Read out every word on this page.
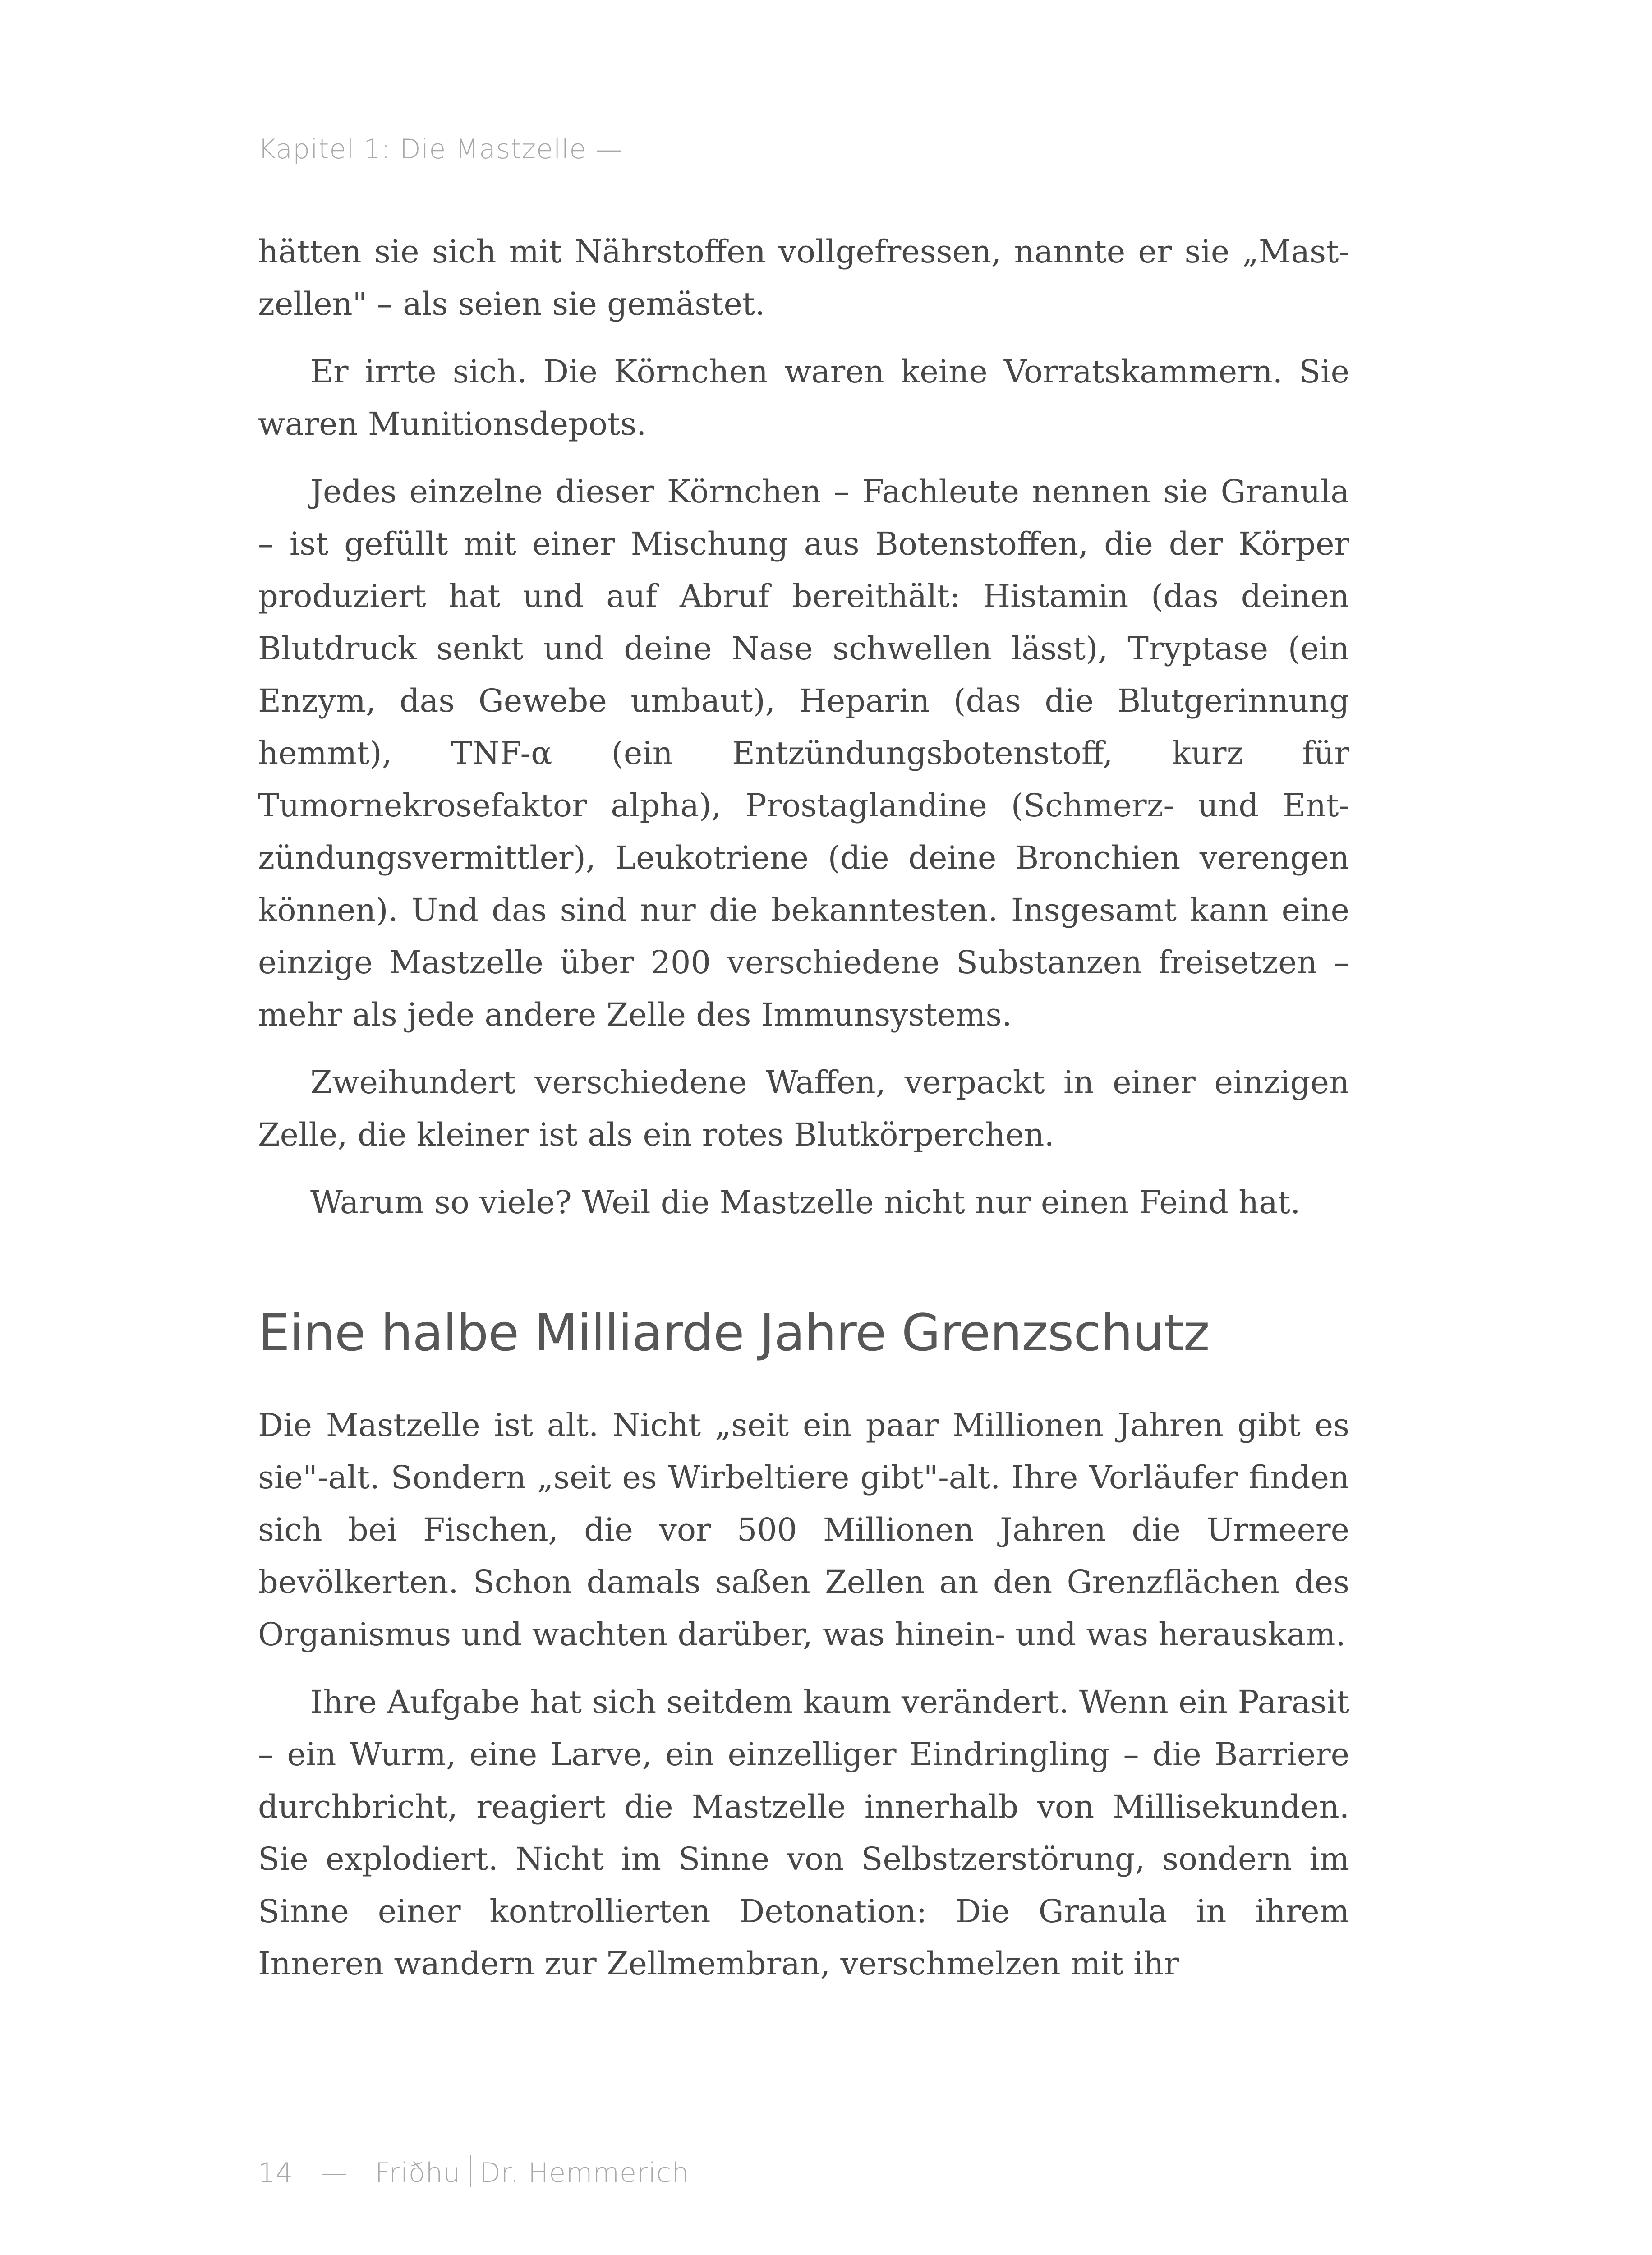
Kapitel 1: Die Mastzelle —

hätten sie sich mit Nährstoffen vollgefressen, nannte er sie „Mastzellen" – als seien sie gemästet.

Er irrte sich. Die Körnchen waren keine Vorratskammern. Sie waren Munitionsdepots.

Jedes einzelne dieser Körnchen – Fachleute nennen sie Granula – ist gefüllt mit einer Mischung aus Botenstoffen, die der Körper produziert hat und auf Abruf bereithält: Histamin (das deinen Blutdruck senkt und deine Nase schwellen lässt), Tryptase (ein Enzym, das Gewebe umbaut), Heparin (das die Blutgerinnung hemmt), TNF-α (ein Entzündungsbotenstoff, kurz für Tumornekrosefaktor alpha), Prostaglandine (Schmerz- und Entzündungsvermittler), Leukotriene (die deine Bronchien verengen können). Und das sind nur die bekanntesten. Insgesamt kann eine einzige Mastzelle über 200 verschiedene Substanzen freisetzen – mehr als jede andere Zelle des Immunsystems.

Zweihundert verschiedene Waffen, verpackt in einer einzigen Zelle, die kleiner ist als ein rotes Blutkörperchen.

Warum so viele? Weil die Mastzelle nicht nur einen Feind hat.

Eine halbe Milliarde Jahre Grenzschutz

Die Mastzelle ist alt. Nicht „seit ein paar Millionen Jahren gibt es sie"-alt. Sondern „seit es Wirbeltiere gibt"-alt. Ihre Vorläufer finden sich bei Fischen, die vor 500 Millionen Jahren die Urmeere bevölkerten. Schon damals saßen Zellen an den Grenzflächen des Organismus und wachten darüber, was hinein- und was herauskam.

Ihre Aufgabe hat sich seitdem kaum verändert. Wenn ein Parasit – ein Wurm, eine Larve, ein einzelliger Eindringling – die Barriere durchbricht, reagiert die Mastzelle innerhalb von Millisekunden. Sie explodiert. Nicht im Sinne von Selbstzerstörung, sondern im Sinne einer kontrollierten Detonation: Die Granula in ihrem Inneren wandern zur Zellmembran, verschmelzen mit ihr

14 — Friðhu Dr. Hemmerich
